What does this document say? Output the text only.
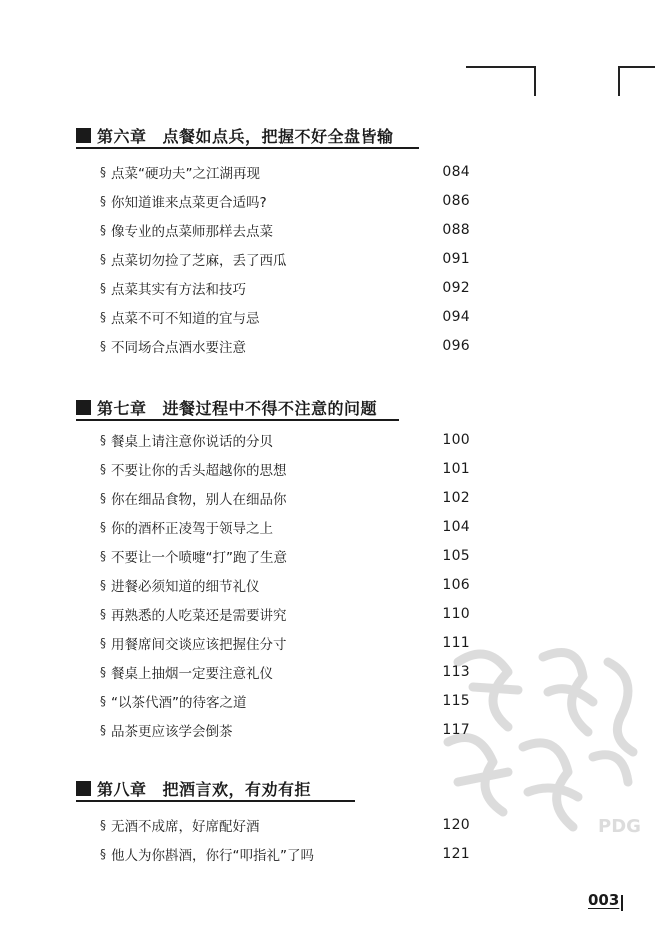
第六章 点餐如点兵，把握不好全盘皆输
§ 点菜“硬功夫”之江湖再现	084
§ 你知道谁来点菜更合适吗?	086
§ 像专业的点菜师那样去点菜	088
§ 点菜切勿捡了芝麻，丢了西瓜	091
§ 点菜其实有方法和技巧	092
§ 点菜不可不知道的宜与忌	094
§ 不同场合点酒水要注意	096
第七章 进餐过程中不得不注意的问题
§ 餐桌上请注意你说话的分贝	100
§ 不要让你的舌头超越你的思想	101
§ 你在细品食物，别人在细品你	102
§ 你的酒杯正凌驾于领导之上	104
§ 不要让一个喷嚏“打”跑了生意	105
§ 进餐必须知道的细节礼仪	106
§ 再熟悉的人吃菜还是需要讲究	110
§ 用餐席间交谈应该把握住分寸	111
§ 餐桌上抽烟一定要注意礼仪	113
§ “以茶代酒”的待客之道	115
§ 品茶更应该学会倒茶	117
第八章 把酒言欢，有劝有拒
§ 无酒不成席，好席配好酒	120
§ 他人为你斟酒，你行“叩指礼”了吗	121
PDG
003
